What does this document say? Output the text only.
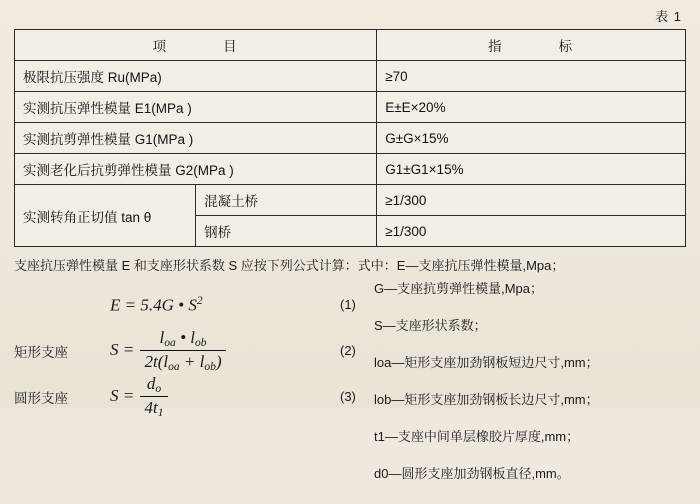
表 1
项　　目		指　　标
极限抗压强度 Ru(MPa)		≥70
实测抗压弹性模量 E1(MPa )		E±E×20%
实测抗剪弹性模量 G1(MPa )		G±G×15%
实测老化后抗剪弹性模量 G2(MPa )		G1±G1×15%
实测转角正切值 tan θ	混凝土桥	≥1/300
	钢桥	≥1/300
支座抗压弹性模量 E 和支座形状系数 S 应按下列公式计算：式中：E—支座抗压弹性模量,Mpa；
E = 5.4G • $S^2$	(1)
矩形支座	$S = \frac{l_{oa} • l_{ob}}{2t(l_{oa} + l_{ob})}$	(2)
圆形支座	$S = \frac{d_o}{4t_1}$	(3)
G—支座抗剪弹性模量,Mpa；
S—支座形状系数；
loa—矩形支座加劲钢板短边尺寸,mm；
lob—矩形支座加劲钢板长边尺寸,mm；
t1—支座中间单层橡胶片厚度,mm；
d0—圆形支座加劲钢板直径,mm。
